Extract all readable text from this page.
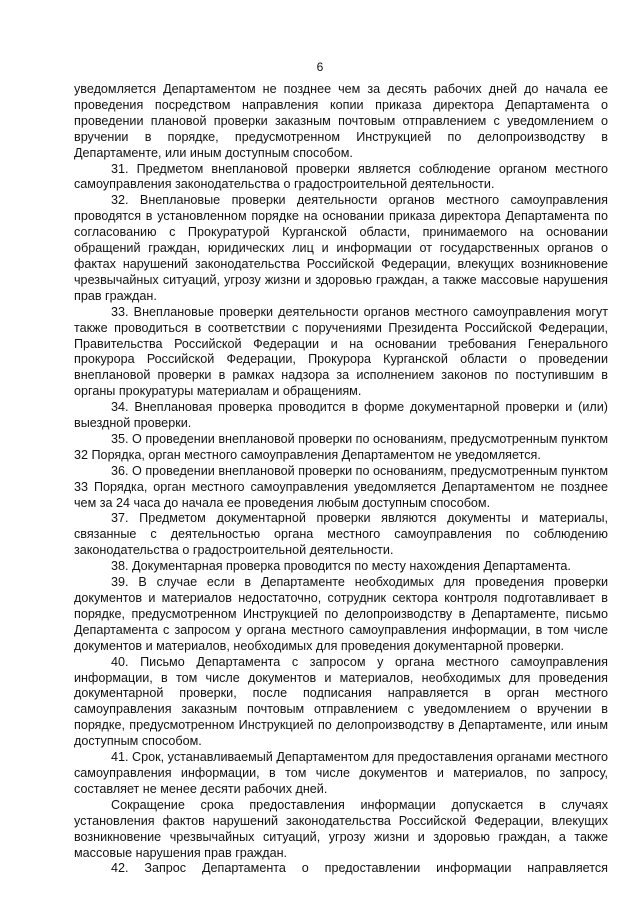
6

уведомляется Департаментом не позднее чем за десять рабочих дней до начала ее проведения посредством направления копии приказа директора Департамента о проведении плановой проверки заказным почтовым отправлением с уведомлением о вручении в порядке, предусмотренном Инструкцией по делопроизводству в Департаменте, или иным доступным способом.

31. Предметом внеплановой проверки является соблюдение органом местного самоуправления законодательства о градостроительной деятельности.

32. Внеплановые проверки деятельности органов местного самоуправления проводятся в установленном порядке на основании приказа директора Департамента по согласованию с Прокуратурой Курганской области, принимаемого на основании обращений граждан, юридических лиц и информации от государственных органов о фактах нарушений законодательства Российской Федерации, влекущих возникновение чрезвычайных ситуаций, угрозу жизни и здоровью граждан, а также массовые нарушения прав граждан.

33. Внеплановые проверки деятельности органов местного самоуправления могут также проводиться в соответствии с поручениями Президента Российской Федерации, Правительства Российской Федерации и на основании требования Генерального прокурора Российской Федерации, Прокурора Курганской области о проведении внеплановой проверки в рамках надзора за исполнением законов по поступившим в органы прокуратуры материалам и обращениям.

34. Внеплановая проверка проводится в форме документарной проверки и (или) выездной проверки.

35. О проведении внеплановой проверки по основаниям, предусмотренным пунктом 32 Порядка, орган местного самоуправления Департаментом не уведомляется.

36. О проведении внеплановой проверки по основаниям, предусмотренным пунктом 33 Порядка, орган местного самоуправления уведомляется Департаментом не позднее чем за 24 часа до начала ее проведения любым доступным способом.

37. Предметом документарной проверки являются документы и материалы, связанные с деятельностью органа местного самоуправления по соблюдению законодательства о градостроительной деятельности.

38. Документарная проверка проводится по месту нахождения Департамента.

39. В случае если в Департаменте необходимых для проведения проверки документов и материалов недостаточно, сотрудник сектора контроля подготавливает в порядке, предусмотренном Инструкцией по делопроизводству в Департаменте, письмо Департамента с запросом у органа местного самоуправления информации, в том числе документов и материалов, необходимых для проведения документарной проверки.

40. Письмо Департамента с запросом у органа местного самоуправления информации, в том числе документов и материалов, необходимых для проведения документарной проверки, после подписания направляется в орган местного самоуправления заказным почтовым отправлением с уведомлением о вручении в порядке, предусмотренном Инструкцией по делопроизводству в Департаменте, или иным доступным способом.

41. Срок, устанавливаемый Департаментом для предоставления органами местного самоуправления информации, в том числе документов и материалов, по запросу, составляет не менее десяти рабочих дней.

Сокращение срока предоставления информации допускается в случаях установления фактов нарушений законодательства Российской Федерации, влекущих возникновение чрезвычайных ситуаций, угрозу жизни и здоровью граждан, а также массовые нарушения прав граждан.

42. Запрос Департамента о предоставлении информации направляется
